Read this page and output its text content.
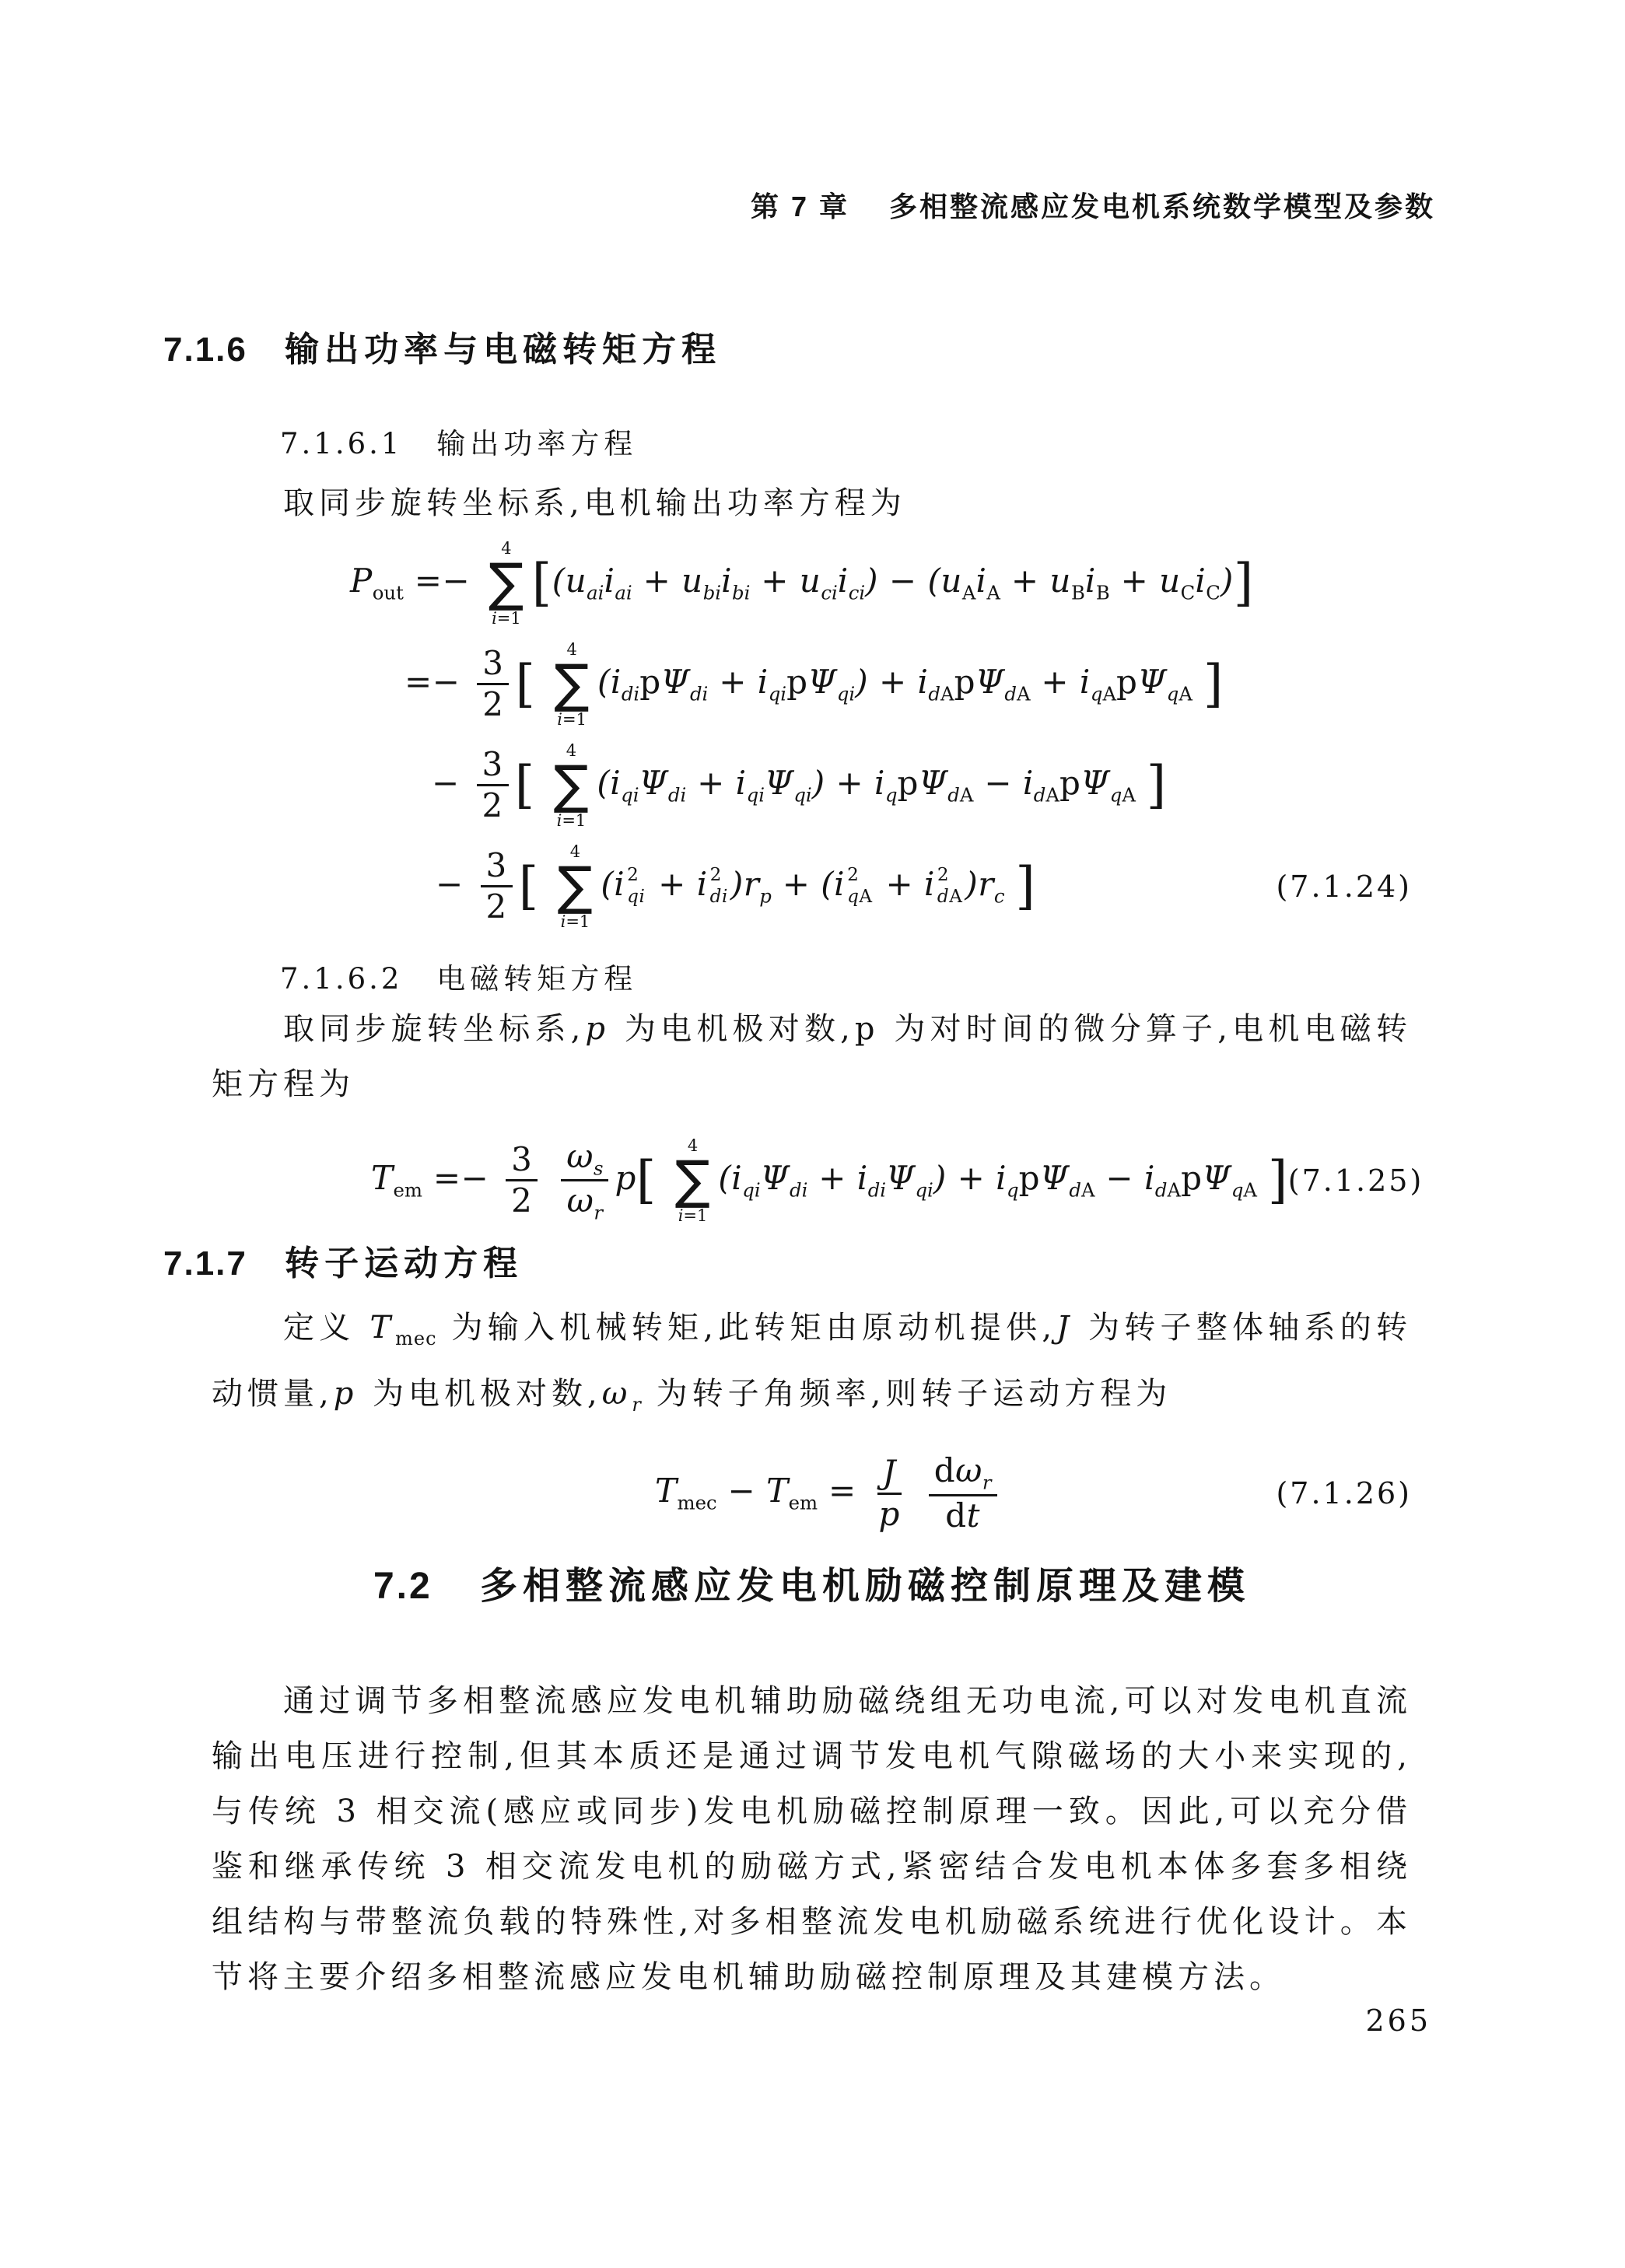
第 7 章 多相整流感应发电机系统数学模型及参数
7.1.6 输出功率与电磁转矩方程
7.1.6.1 输出功率方程

取同步旋转坐标系,电机输出功率方程为

$P_{out}$ =−
4
∑
i=1
$[(u_{ai}i_{ai} + u_{bi}i_{bi} + u_{ci}i_{ci}) - (u_Ai_A + u_Bi_B + u_Ci_C)]$
=− $\frac{3}{2}$ [
4
∑
i=1
$(i_{di}p\Psi_{di} + i_{qi}p\Psi_{qi}) + i_{dA}p\Psi_{dA} + i_{qA}p\Psi_{qA}$ ]
− $\frac{3}{2}$ [
4
∑
i=1
$(i_{qi}\Psi_{di} + i_{qi}\Psi_{qi}) + i_qp\Psi_{dA} - i_{dA}p\Psi_{qA}$ ]
− $\frac{3}{2}$ [
4
∑
i=1
(i 2
qi + i 2
di )$r_p + (i$ 2
qA + i 2
dA )$r_c$ ]	(7.1.24)
7.1.6.2 电磁转矩方程

取同步旋转坐标系,p 为电机极对数,p 为对时间的微分算子,电机电磁转矩方程为

$T_{em} =- \frac{3}{2}$
$\frac{\omega_s}{\omega_r} p$[
4
∑
i=1
$(i_{qi}\Psi_{di} + i_{di}\Psi_{qi}) + i_qp\Psi_{dA} - i_{dA}p\Psi_{qA}$ ] (7.1.25)
7.1.7 转子运动方程

定义 $T_{mec}$ 为输入机械转矩,此转矩由原动机提供,J 为转子整体轴系的转动惯量,p 为电机极对数$,\omega_r$ 为转子角频率,则转子运动方程为

$T_{mec} - T_{em} = \frac{J}{p}$
$\frac{d\omega_r}{dt}$	(7.1.26)
7.2 多相整流感应发电机励磁控制原理及建模

通过调节多相整流感应发电机辅助励磁绕组无功电流,可以对发电机直流输出电压进行控制,但其本质还是通过调节发电机气隙磁场的大小来实现的,与传统 3 相交流(感应或同步)发电机励磁控制原理一致。因此,可以充分借鉴和继承传统 3 相交流发电机的励磁方式,紧密结合发电机本体多套多相绕组结构与带整流负载的特殊性,对多相整流发电机励磁系统进行优化设计。本节将主要介绍多相整流感应发电机辅助励磁控制原理及其建模方法。

265
